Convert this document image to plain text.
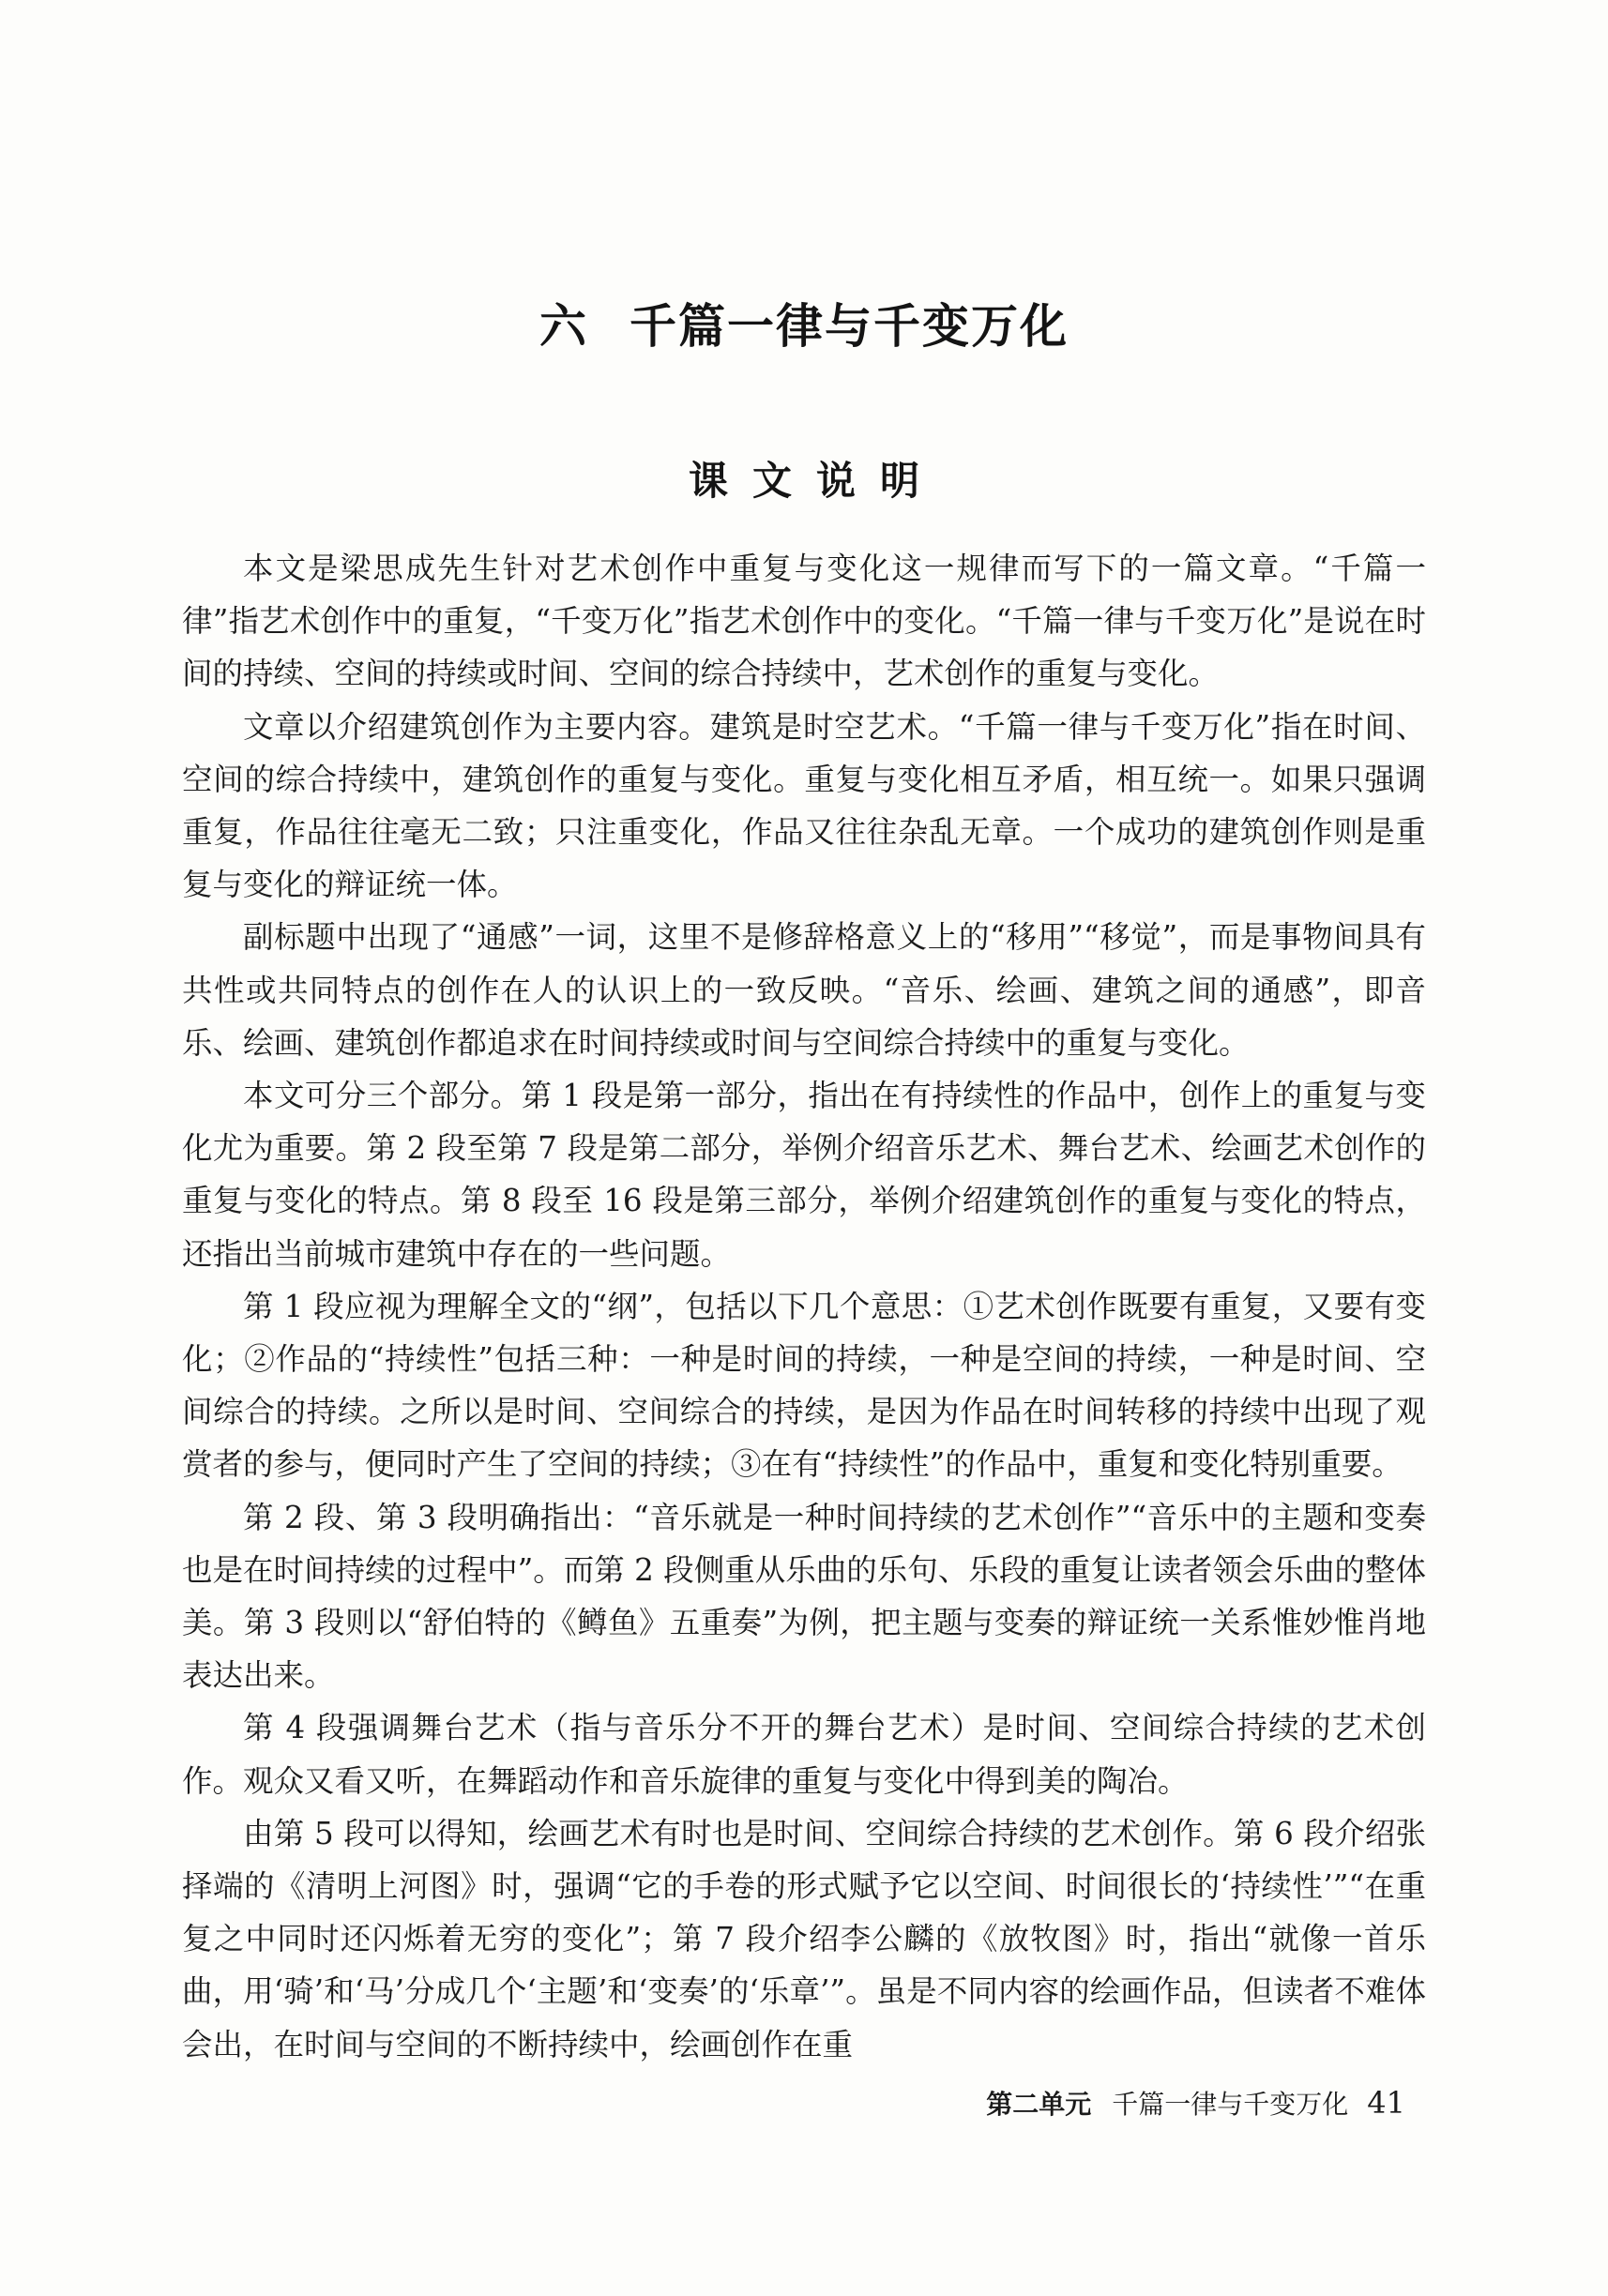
六 千篇一律与千变万化
课文说明

本文是梁思成先生针对艺术创作中重复与变化这一规律而写下的一篇文章。“千篇一律”指艺术创作中的重复，“千变万化”指艺术创作中的变化。“千篇一律与千变万化”是说在时间的持续、空间的持续或时间、空间的综合持续中，艺术创作的重复与变化。

文章以介绍建筑创作为主要内容。建筑是时空艺术。“千篇一律与千变万化”指在时间、空间的综合持续中，建筑创作的重复与变化。重复与变化相互矛盾，相互统一。如果只强调重复，作品往往毫无二致；只注重变化，作品又往往杂乱无章。一个成功的建筑创作则是重复与变化的辩证统一体。

副标题中出现了“通感”一词，这里不是修辞格意义上的“移用”“移觉”，而是事物间具有共性或共同特点的创作在人的认识上的一致反映。“音乐、绘画、建筑之间的通感”，即音乐、绘画、建筑创作都追求在时间持续或时间与空间综合持续中的重复与变化。

本文可分三个部分。第 1 段是第一部分，指出在有持续性的作品中，创作上的重复与变化尤为重要。第 2 段至第 7 段是第二部分，举例介绍音乐艺术、舞台艺术、绘画艺术创作的重复与变化的特点。第 8 段至 16 段是第三部分，举例介绍建筑创作的重复与变化的特点，还指出当前城市建筑中存在的一些问题。

第 1 段应视为理解全文的“纲”，包括以下几个意思：①艺术创作既要有重复，又要有变化；②作品的“持续性”包括三种：一种是时间的持续，一种是空间的持续，一种是时间、空间综合的持续。之所以是时间、空间综合的持续，是因为作品在时间转移的持续中出现了观赏者的参与，便同时产生了空间的持续；③在有“持续性”的作品中，重复和变化特别重要。

第 2 段、第 3 段明确指出：“音乐就是一种时间持续的艺术创作”“音乐中的主题和变奏也是在时间持续的过程中”。而第 2 段侧重从乐曲的乐句、乐段的重复让读者领会乐曲的整体美。第 3 段则以“舒伯特的《鳟鱼》五重奏”为例，把主题与变奏的辩证统一关系惟妙惟肖地表达出来。

第 4 段强调舞台艺术（指与音乐分不开的舞台艺术）是时间、空间综合持续的艺术创作。观众又看又听，在舞蹈动作和音乐旋律的重复与变化中得到美的陶冶。

由第 5 段可以得知，绘画艺术有时也是时间、空间综合持续的艺术创作。第 6 段介绍张择端的《清明上河图》时，强调“它的手卷的形式赋予它以空间、时间很长的‘持续性’”“在重复之中同时还闪烁着无穷的变化”；第 7 段介绍李公麟的《放牧图》时，指出“就像一首乐曲，用‘骑’和‘马’分成几个‘主题’和‘变奏’的‘乐章’”。虽是不同内容的绘画作品，但读者不难体会出，在时间与空间的不断持续中，绘画创作在重

第二单元 千篇一律与千变万化 41
